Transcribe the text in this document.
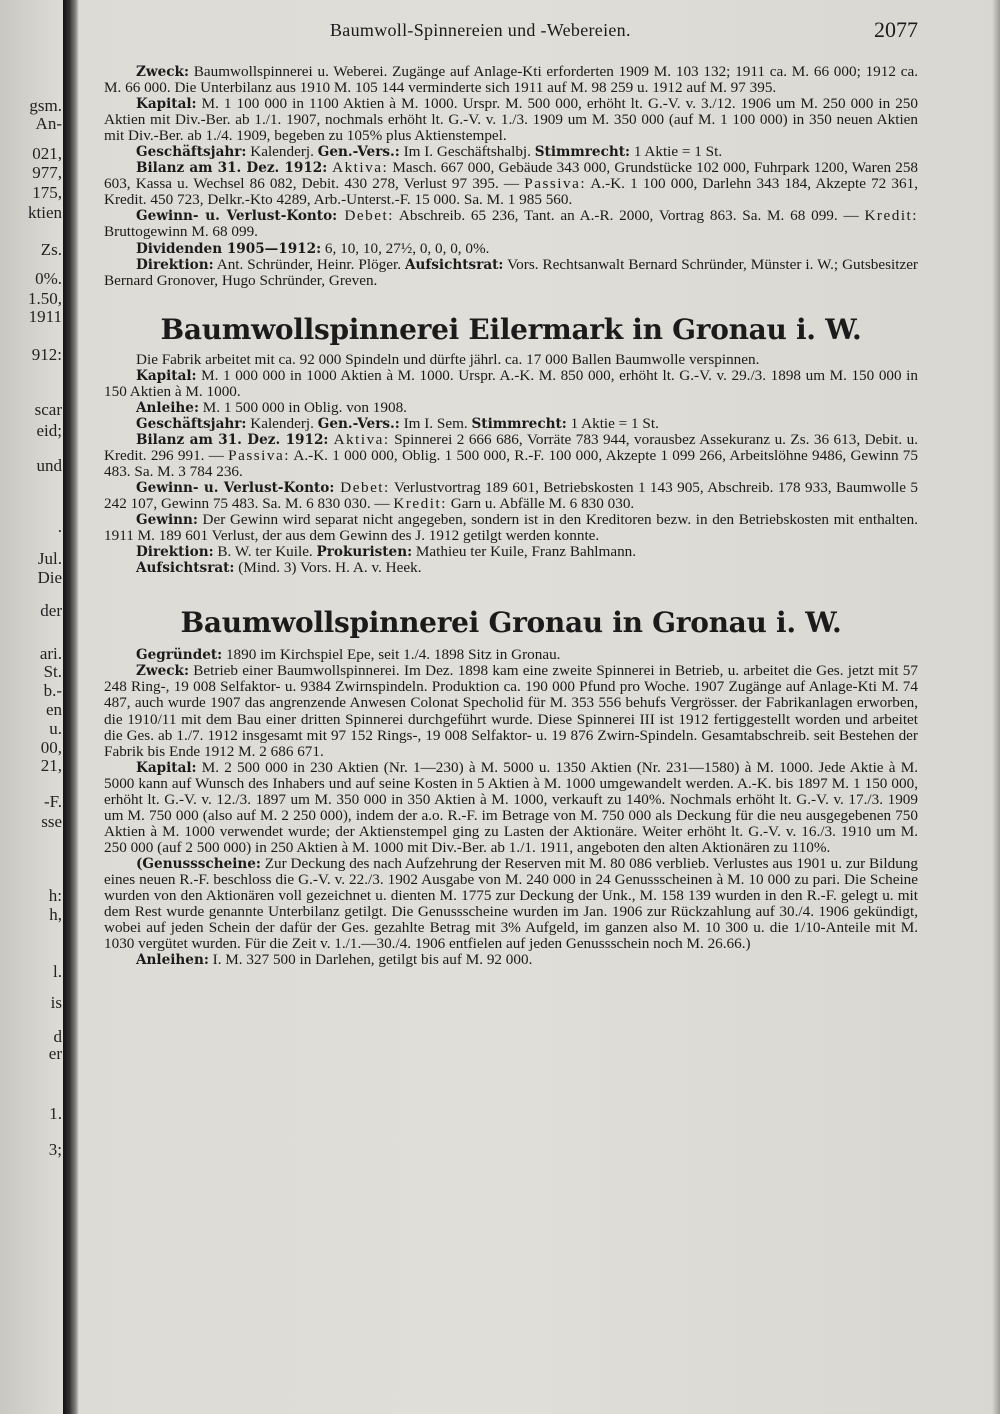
gsm.
An-
021,
977,
175,
ktien
Zs.
0%.
1.50,
1911
912:
scar
eid;
und
.
Jul.
Die
der
ari.
St.
b.-
en
u.
00,
21,
-F.
sse
h:
h,
l.
is
d
er
1.
3;
Baumwoll-Spinnereien und -Webereien.	2077

Zweck: Baumwollspinnerei u. Weberei. Zugänge auf Anlage-Kti erforderten 1909 M. 103 132; 1911 ca. M. 66 000; 1912 ca. M. 66 000. Die Unterbilanz aus 1910 M. 105 144 verminderte sich 1911 auf M. 98 259 u. 1912 auf M. 97 395.

Kapital: M. 1 100 000 in 1100 Aktien à M. 1000. Urspr. M. 500 000, erhöht lt. G.-V. v. 3./12. 1906 um M. 250 000 in 250 Aktien mit Div.-Ber. ab 1./1. 1907, nochmals erhöht lt. G.-V. v. 1./3. 1909 um M. 350 000 (auf M. 1 100 000) in 350 neuen Aktien mit Div.-Ber. ab 1./4. 1909, begeben zu 105% plus Aktienstempel.

Geschäftsjahr: Kalenderj. Gen.-Vers.: Im I. Geschäftshalbj. Stimmrecht: 1 Aktie = 1 St.

Bilanz am 31. Dez. 1912: Aktiva: Masch. 667 000, Gebäude 343 000, Grundstücke 102 000, Fuhrpark 1200, Waren 258 603, Kassa u. Wechsel 86 082, Debit. 430 278, Verlust 97 395. — Passiva: A.-K. 1 100 000, Darlehn 343 184, Akzepte 72 361, Kredit. 450 723, Delkr.-Kto 4289, Arb.-Unterst.-F. 15 000. Sa. M. 1 985 560.

Gewinn- u. Verlust-Konto: Debet: Abschreib. 65 236, Tant. an A.-R. 2000, Vortrag 863. Sa. M. 68 099. — Kredit: Bruttogewinn M. 68 099.

Dividenden 1905—1912: 6, 10, 10, 27½, 0, 0, 0, 0%.

Direktion: Ant. Schründer, Heinr. Plöger. Aufsichtsrat: Vors. Rechtsanwalt Bernard Schründer, Münster i. W.; Gutsbesitzer Bernard Gronover, Hugo Schründer, Greven.

Baumwollspinnerei Eilermark in Gronau i. W.

Die Fabrik arbeitet mit ca. 92 000 Spindeln und dürfte jährl. ca. 17 000 Ballen Baumwolle verspinnen.

Kapital: M. 1 000 000 in 1000 Aktien à M. 1000. Urspr. A.-K. M. 850 000, erhöht lt. G.-V. v. 29./3. 1898 um M. 150 000 in 150 Aktien à M. 1000.

Anleihe: M. 1 500 000 in Oblig. von 1908.

Geschäftsjahr: Kalenderj. Gen.-Vers.: Im I. Sem. Stimmrecht: 1 Aktie = 1 St.

Bilanz am 31. Dez. 1912: Aktiva: Spinnerei 2 666 686, Vorräte 783 944, vorausbez Assekuranz u. Zs. 36 613, Debit. u. Kredit. 296 991. — Passiva: A.-K. 1 000 000, Oblig. 1 500 000, R.-F. 100 000, Akzepte 1 099 266, Arbeitslöhne 9486, Gewinn 75 483. Sa. M. 3 784 236.

Gewinn- u. Verlust-Konto: Debet: Verlustvortrag 189 601, Betriebskosten 1 143 905, Abschreib. 178 933, Baumwolle 5 242 107, Gewinn 75 483. Sa. M. 6 830 030. — Kredit: Garn u. Abfälle M. 6 830 030.

Gewinn: Der Gewinn wird separat nicht angegeben, sondern ist in den Kreditoren bezw. in den Betriebskosten mit enthalten. 1911 M. 189 601 Verlust, der aus dem Gewinn des J. 1912 getilgt werden konnte.

Direktion: B. W. ter Kuile. Prokuristen: Mathieu ter Kuile, Franz Bahlmann.

Aufsichtsrat: (Mind. 3) Vors. H. A. v. Heek.

Baumwollspinnerei Gronau in Gronau i. W.

Gegründet: 1890 im Kirchspiel Epe, seit 1./4. 1898 Sitz in Gronau.

Zweck: Betrieb einer Baumwollspinnerei. Im Dez. 1898 kam eine zweite Spinnerei in Betrieb, u. arbeitet die Ges. jetzt mit 57 248 Ring-, 19 008 Selfaktor- u. 9384 Zwirnspindeln. Produktion ca. 190 000 Pfund pro Woche. 1907 Zugänge auf Anlage-Kti M. 74 487, auch wurde 1907 das angrenzende Anwesen Colonat Specholid für M. 353 556 behufs Vergrösser. der Fabrikanlagen erworben, die 1910/11 mit dem Bau einer dritten Spinnerei durchgeführt wurde. Diese Spinnerei III ist 1912 fertiggestellt worden und arbeitet die Ges. ab 1./7. 1912 insgesamt mit 97 152 Rings-, 19 008 Selfaktor- u. 19 876 Zwirn-Spindeln. Gesamtabschreib. seit Bestehen der Fabrik bis Ende 1912 M. 2 686 671.

Kapital: M. 2 500 000 in 230 Aktien (Nr. 1—230) à M. 5000 u. 1350 Aktien (Nr. 231—1580) à M. 1000. Jede Aktie à M. 5000 kann auf Wunsch des Inhabers und auf seine Kosten in 5 Aktien à M. 1000 umgewandelt werden. A.-K. bis 1897 M. 1 150 000, erhöht lt. G.-V. v. 12./3. 1897 um M. 350 000 in 350 Aktien à M. 1000, verkauft zu 140%. Nochmals erhöht lt. G.-V. v. 17./3. 1909 um M. 750 000 (also auf M. 2 250 000), indem der a.o. R.-F. im Betrage von M. 750 000 als Deckung für die neu ausgegebenen 750 Aktien à M. 1000 verwendet wurde; der Aktienstempel ging zu Lasten der Aktionäre. Weiter erhöht lt. G.-V. v. 16./3. 1910 um M. 250 000 (auf 2 500 000) in 250 Aktien à M. 1000 mit Div.-Ber. ab 1./1. 1911, angeboten den alten Aktionären zu 110%.

(Genussscheine: Zur Deckung des nach Aufzehrung der Reserven mit M. 80 086 verblieb. Verlustes aus 1901 u. zur Bildung eines neuen R.-F. beschloss die G.-V. v. 22./3. 1902 Ausgabe von M. 240 000 in 24 Genussscheinen à M. 10 000 zu pari. Die Scheine wurden von den Aktionären voll gezeichnet u. dienten M. 1775 zur Deckung der Unk., M. 158 139 wurden in den R.-F. gelegt u. mit dem Rest wurde genannte Unterbilanz getilgt. Die Genussscheine wurden im Jan. 1906 zur Rückzahlung auf 30./4. 1906 gekündigt, wobei auf jeden Schein der dafür der Ges. gezahlte Betrag mit 3% Aufgeld, im ganzen also M. 10 300 u. die 1/10-Anteile mit M. 1030 vergütet wurden. Für die Zeit v. 1./1.—30./4. 1906 entfielen auf jeden Genussschein noch M. 26.66.)

Anleihen: I. M. 327 500 in Darlehen, getilgt bis auf M. 92 000.
